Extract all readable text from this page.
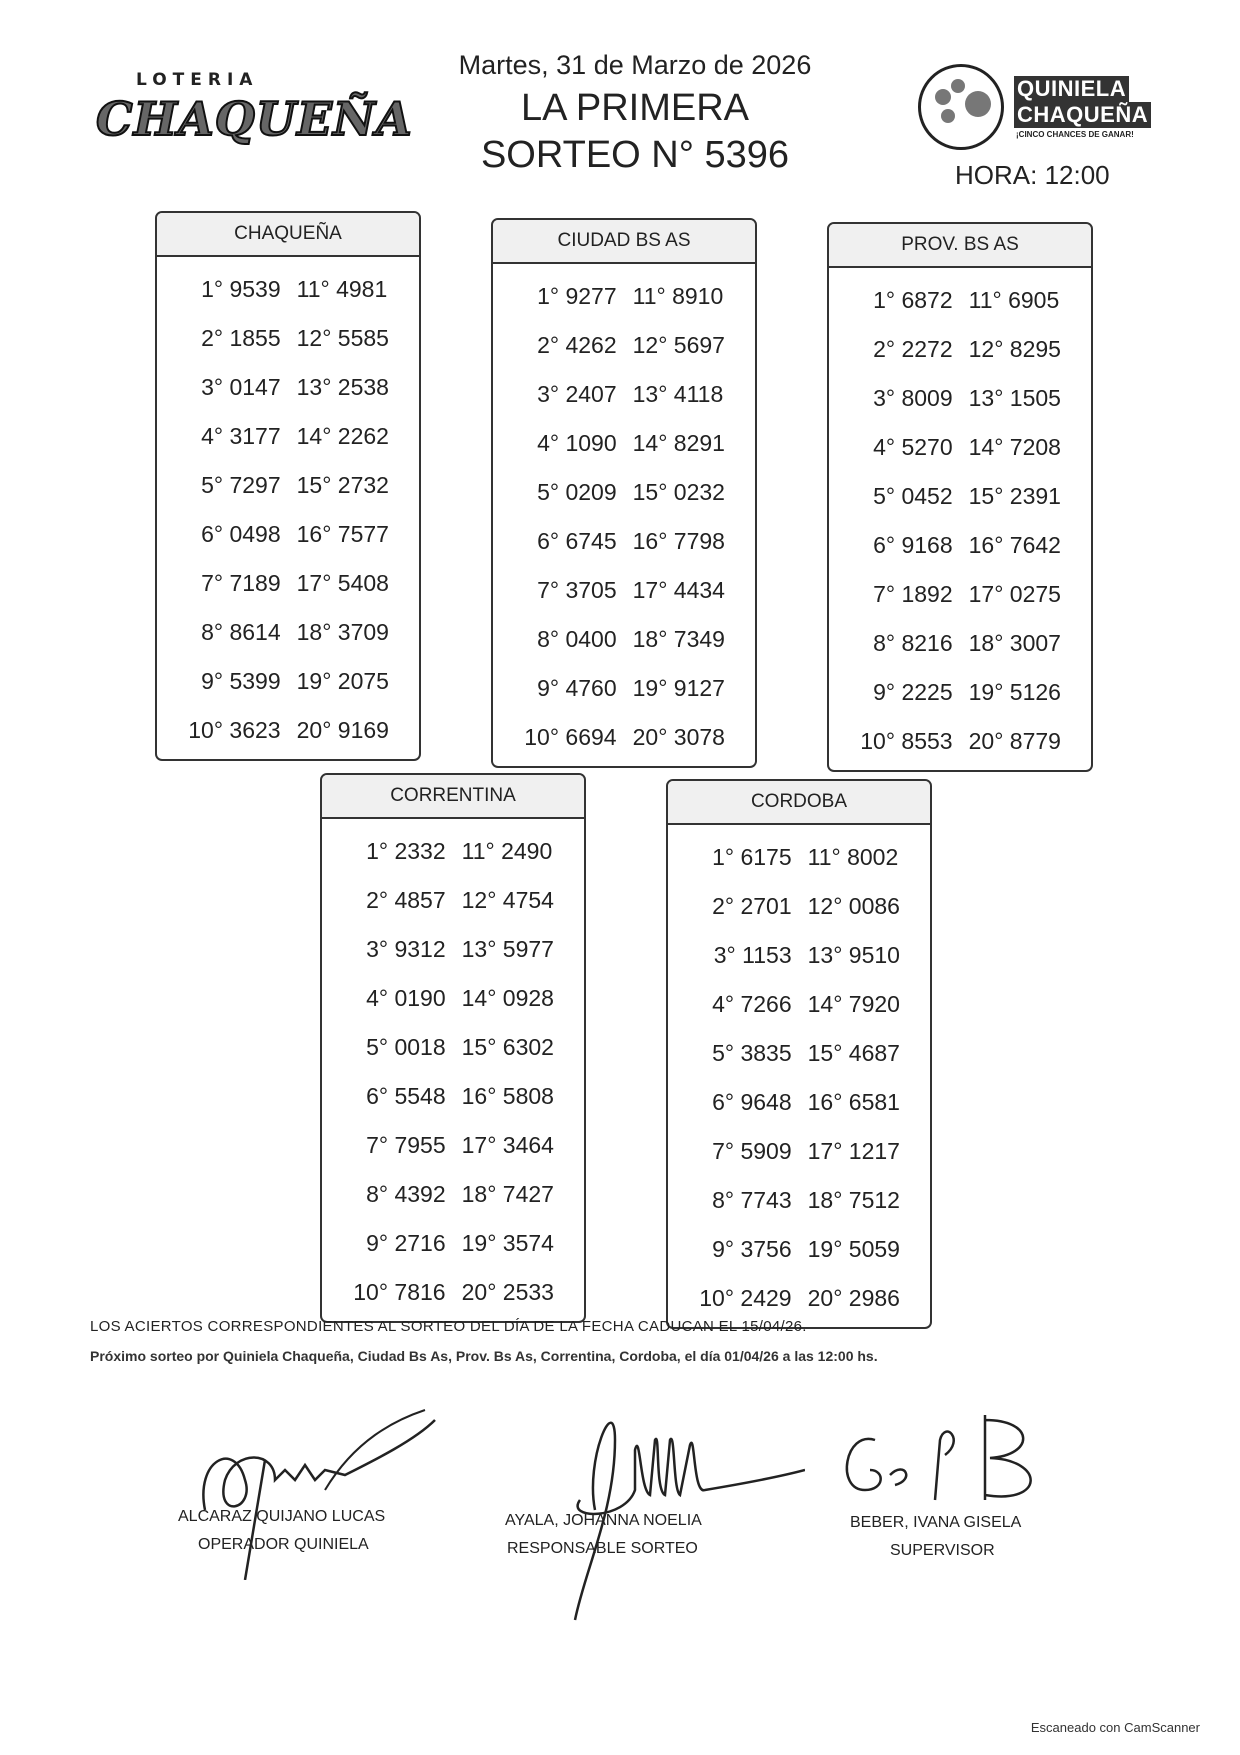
LOTERIA
CHAQUEÑA
Martes, 31 de Marzo de 2026
LA PRIMERA
SORTEO N° 5396
QUINIELA
CHAQUEÑA
¡CINCO CHANCES DE GANAR!
HORA: 12:00
CHAQUEÑA
1° 9539 11° 4981
2° 1855 12° 5585
3° 0147 13° 2538
4° 3177 14° 2262
5° 7297 15° 2732
6° 0498 16° 7577
7° 7189 17° 5408
8° 8614 18° 3709
9° 5399 19° 2075
10° 3623 20° 9169
CIUDAD BS AS
1° 9277 11° 8910
2° 4262 12° 5697
3° 2407 13° 4118
4° 1090 14° 8291
5° 0209 15° 0232
6° 6745 16° 7798
7° 3705 17° 4434
8° 0400 18° 7349
9° 4760 19° 9127
10° 6694 20° 3078
PROV. BS AS
1° 6872 11° 6905
2° 2272 12° 8295
3° 8009 13° 1505
4° 5270 14° 7208
5° 0452 15° 2391
6° 9168 16° 7642
7° 1892 17° 0275
8° 8216 18° 3007
9° 2225 19° 5126
10° 8553 20° 8779
CORRENTINA
1° 2332 11° 2490
2° 4857 12° 4754
3° 9312 13° 5977
4° 0190 14° 0928
5° 0018 15° 6302
6° 5548 16° 5808
7° 7955 17° 3464
8° 4392 18° 7427
9° 2716 19° 3574
10° 7816 20° 2533
CORDOBA
1° 6175 11° 8002
2° 2701 12° 0086
3° 1153 13° 9510
4° 7266 14° 7920
5° 3835 15° 4687
6° 9648 16° 6581
7° 5909 17° 1217
8° 7743 18° 7512
9° 3756 19° 5059
10° 2429 20° 2986
LOS ACIERTOS CORRESPONDIENTES AL SORTEO DEL DÍA DE LA FECHA CADUCAN EL 15/04/26.
Próximo sorteo por Quiniela Chaqueña, Ciudad Bs As, Prov. Bs As, Correntina, Cordoba, el día 01/04/26 a las 12:00 hs.
ALCARAZ QUIJANO LUCAS
OPERADOR QUINIELA
AYALA, JOHANNA NOELIA
RESPONSABLE SORTEO
BEBER, IVANA GISELA
SUPERVISOR
Escaneado con CamScanner
